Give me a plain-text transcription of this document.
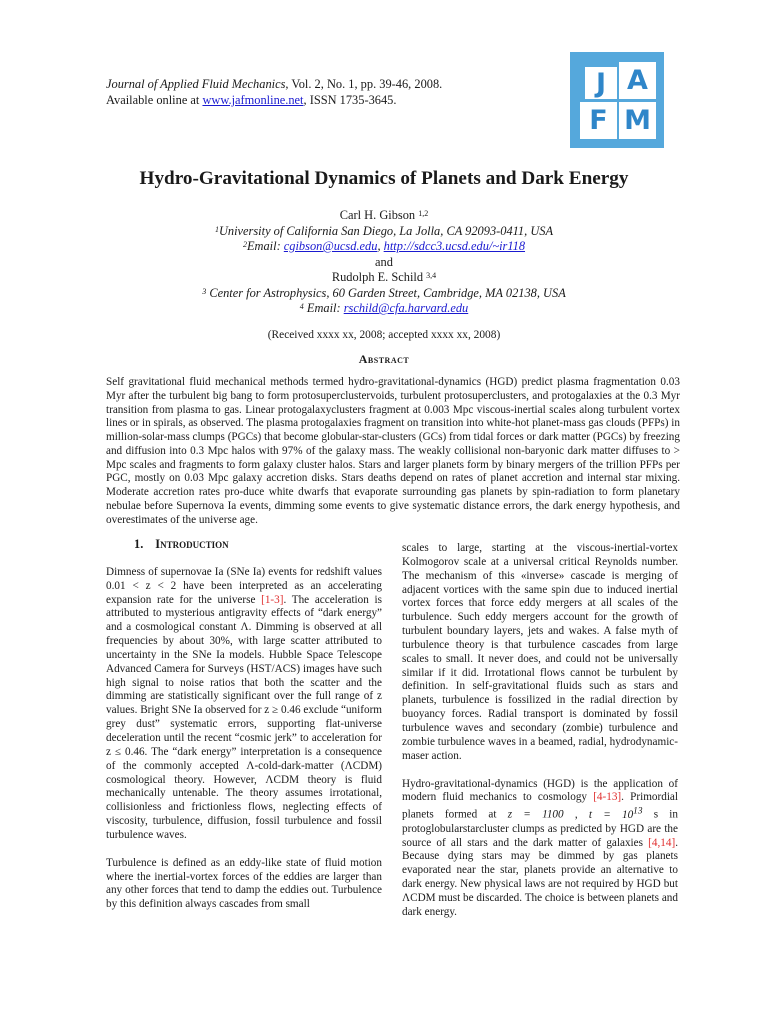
Journal of Applied Fluid Mechanics, Vol. 2, No. 1, pp. 39-46, 2008.
Available online at www.jafmonline.net, ISSN 1735-3645.
J A
F M
Hydro-Gravitational Dynamics of Planets and Dark Energy
Carl H. Gibson $^{1,2}$
$^1$University of California San Diego, La Jolla, CA 92093-0411, USA
$^2$Email: cgibson@ucsd.edu, http://sdcc3.ucsd.edu/~ir118
and
Rudolph E. Schild $^{3,4}$
$^3$ Center for Astrophysics, 60 Garden Street, Cambridge, MA 02138, USA
$^4$ Email: rschild@cfa.harvard.edu
(Received xxxx xx, 2008; accepted xxxx xx, 2008)
Abstract
Self gravitational fluid mechanical methods termed hydro-gravitational-dynamics (HGD) predict plasma fragmentation 0.03 Myr after the turbulent big bang to form protosuperclustervoids, turbulent protosuperclusters, and protogalaxies at the 0.3 Myr transition from plasma to gas. Linear protogalaxyclusters fragment at 0.003 Mpc viscous-inertial scales along turbulent vortex lines or in spirals, as observed. The plasma protogalaxies fragment on transition into white-hot planet-mass gas clouds (PFPs) in million-solar-mass clumps (PGCs) that become globular-star-clusters (GCs) from tidal forces or dark matter (PGCs) by freezing and diffusion into 0.3 Mpc halos with 97% of the galaxy mass. The weakly collisional non-baryonic dark matter diffuses to > Mpc scales and fragments to form galaxy cluster halos. Stars and larger planets form by binary mergers of the trillion PFPs per PGC, mostly on 0.03 Mpc galaxy accretion disks. Stars deaths depend on rates of planet accretion and internal star mixing. Moderate accretion rates pro-duce white dwarfs that evaporate surrounding gas planets by spin-radiation to form planetary nebulae before Supernova Ia events, dimming some events to give systematic distance errors, the dark energy hypothesis, and overestimates of the universe age.
1. Introduction

Dimness of supernovae Ia (SNe Ia) events for redshift values 0.01 < z < 2 have been interpreted as an accelerating expansion rate for the universe [1-3]. The acceleration is attributed to mysterious antigravity effects of “dark energy” and a cosmological constant Λ. Dimming is observed at all frequencies by about 30%, with large scatter attributed to uncertainty in the SNe Ia models. Hubble Space Telescope Advanced Camera for Surveys (HST/ACS) images have such high signal to noise ratios that both the scatter and the dimming are statistically significant over the full range of z values. Bright SNe Ia observed for z ≥ 0.46 exclude “uniform grey dust” systematic errors, supporting flat-universe deceleration until the recent “cosmic jerk” to acceleration for z ≤ 0.46. The “dark energy” interpretation is a consequence of the commonly accepted Λ-cold-dark-matter (ΛCDM) cosmological theory. However, ΛCDM theory is fluid mechanically untenable. The theory assumes irrotational, collisionless and frictionless flows, neglecting effects of viscosity, turbulence, diffusion, fossil turbulence and fossil turbulence waves.

Turbulence is defined as an eddy-like state of fluid motion where the inertial-vortex forces of the eddies are larger than any other forces that tend to damp the eddies out. Turbulence by this definition always cascades from small

scales to large, starting at the viscous-inertial-vortex Kolmogorov scale at a universal critical Reynolds number. The mechanism of this «inverse» cascade is merging of adjacent vortices with the same spin due to induced inertial vortex forces that force eddy mergers at all scales of the turbulence. Such eddy mergers account for the growth of turbulent boundary layers, jets and wakes. A false myth of turbulence theory is that turbulence cascades from large scales to small. It never does, and could not be universally similar if it did. Irrotational flows cannot be turbulent by definition. In self-gravitational fluids such as stars and planets, turbulence is fossilized in the radial direction by buoyancy forces. Radial transport is dominated by fossil turbulence waves and secondary (zombie) turbulence and zombie turbulence waves in a beamed, radial, hydrodynamic-maser action.

Hydro-gravitational-dynamics (HGD) is the application of modern fluid mechanics to cosmology [4-13]. Primordial planets formed at z = 1100 , $t = 10^{13}$ s in protoglobularstarcluster clumps as predicted by HGD are the source of all stars and the dark matter of galaxies [4,14]. Because dying stars may be dimmed by gas planets evaporated near the star, planets provide an alternative to dark energy. New physical laws are not required by HGD but ΛCDM must be discarded. The choice is between planets and dark energy.
